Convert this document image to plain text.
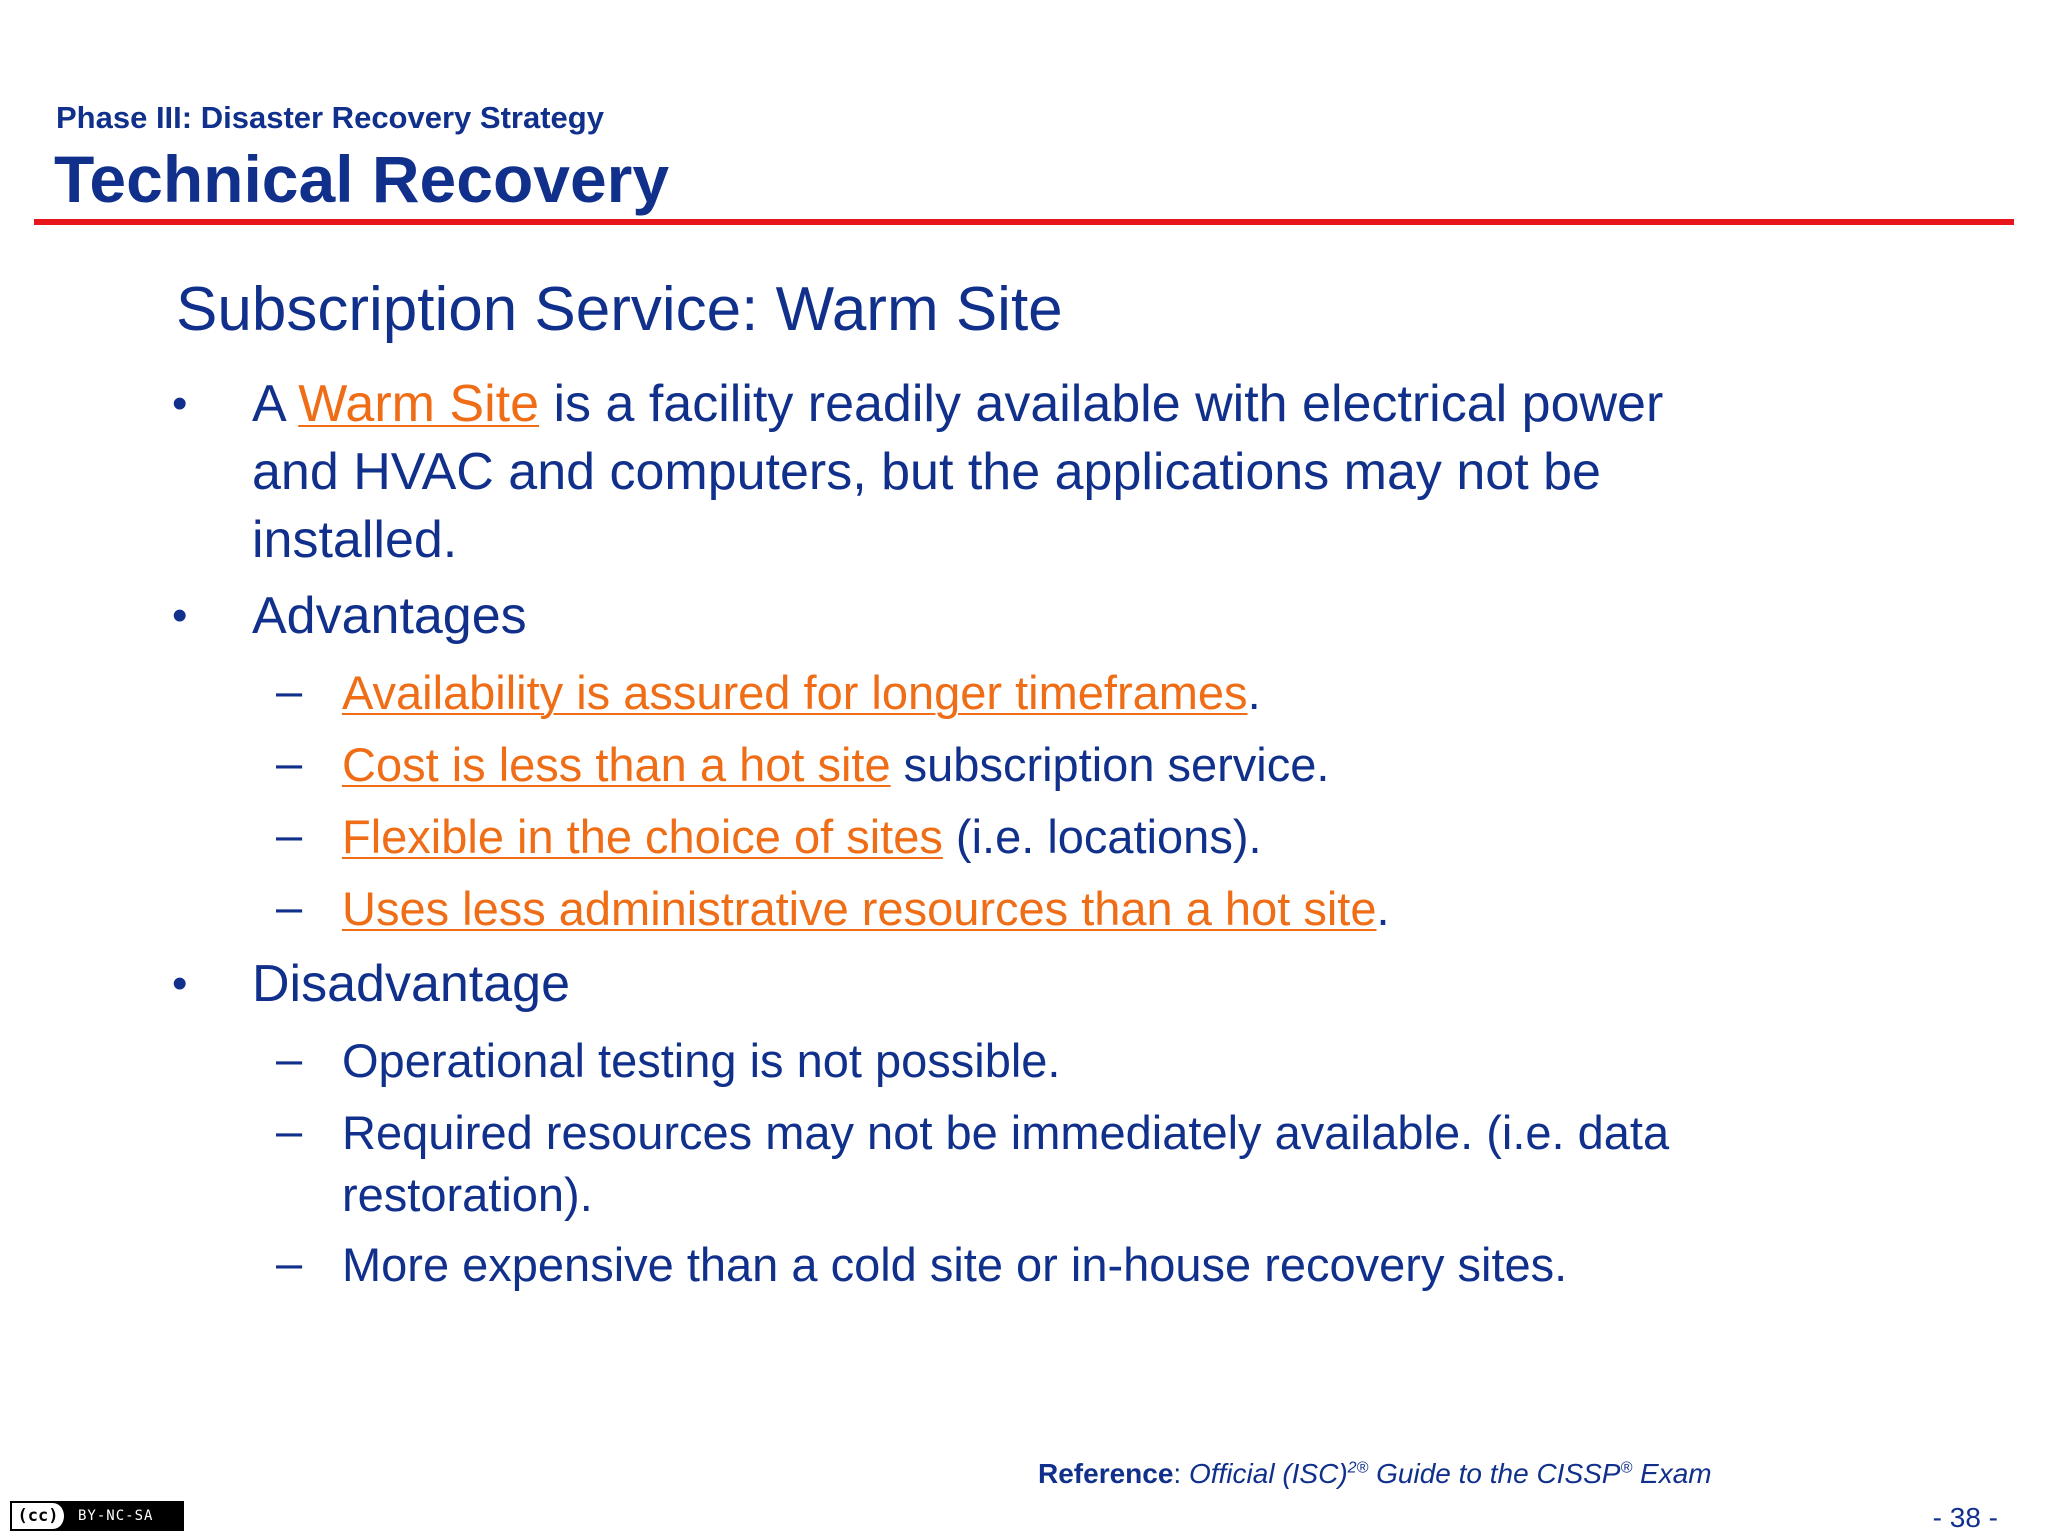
Phase III: Disaster Recovery Strategy
Technical Recovery
Subscription Service: Warm Site
• A Warm Site is a facility readily available with electrical power
and HVAC and computers, but the applications may not be
installed.
• Advantages
– Availability is assured for longer timeframes.
– Cost is less than a hot site subscription service.
– Flexible in the choice of sites (i.e. locations).
– Uses less administrative resources than a hot site.
• Disadvantage
– Operational testing is not possible.
– Required resources may not be immediately available. (i.e. data
restoration).
– More expensive than a cold site or in-house recovery sites.
Reference: Official (ISC)$^{2®}$ Guide to the CISSP® Exam
(cc)	BY-NC-SA	- 38 -
